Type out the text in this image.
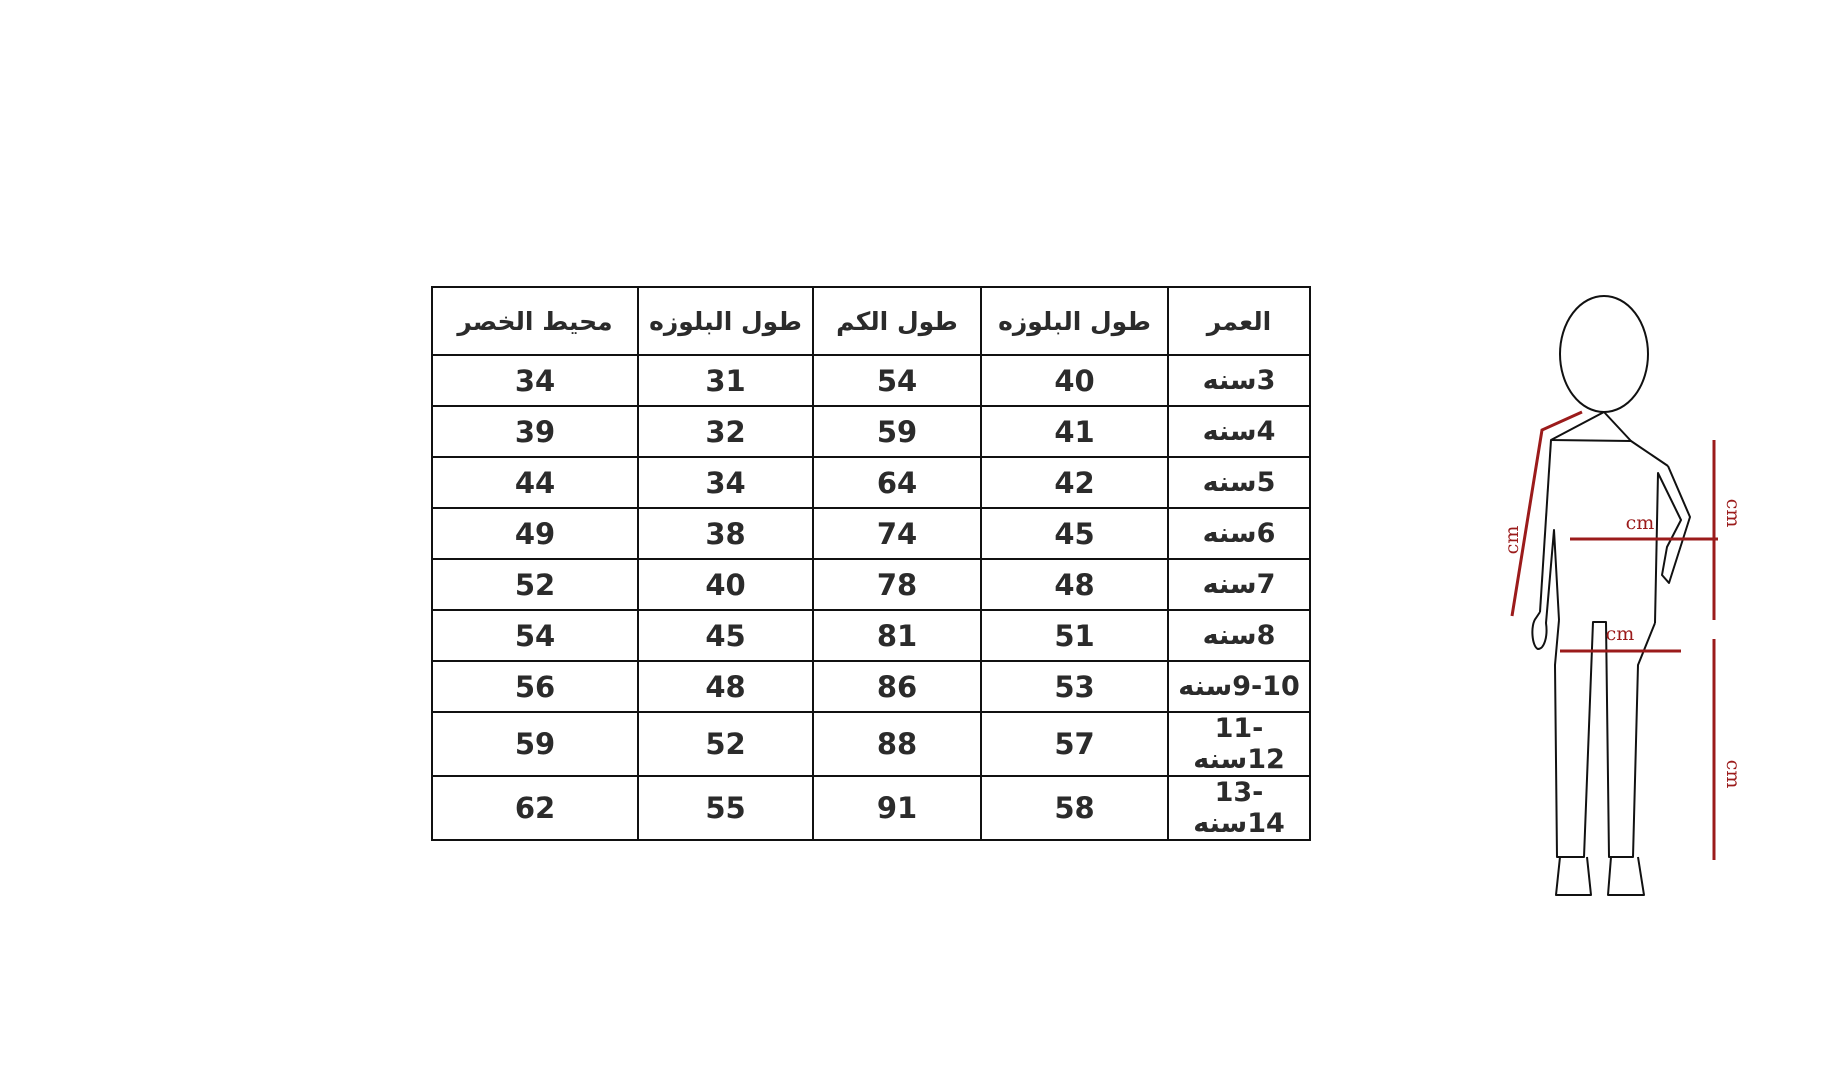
العمر	طول البلوزه	طول الكم	طول البلوزه	محيط الخصر
3سنه	40	54	31	34
4سنه	41	59	32	39
5سنه	42	64	34	44
6سنه	45	74	38	49
7سنه	48	78	40	52
8سنه	51	81	45	54
9-10سنه	53	86	48	56
11-12سنه	57	88	52	59
13-14سنه	58	91	55	62
cm
cm
cm
cm
cm
